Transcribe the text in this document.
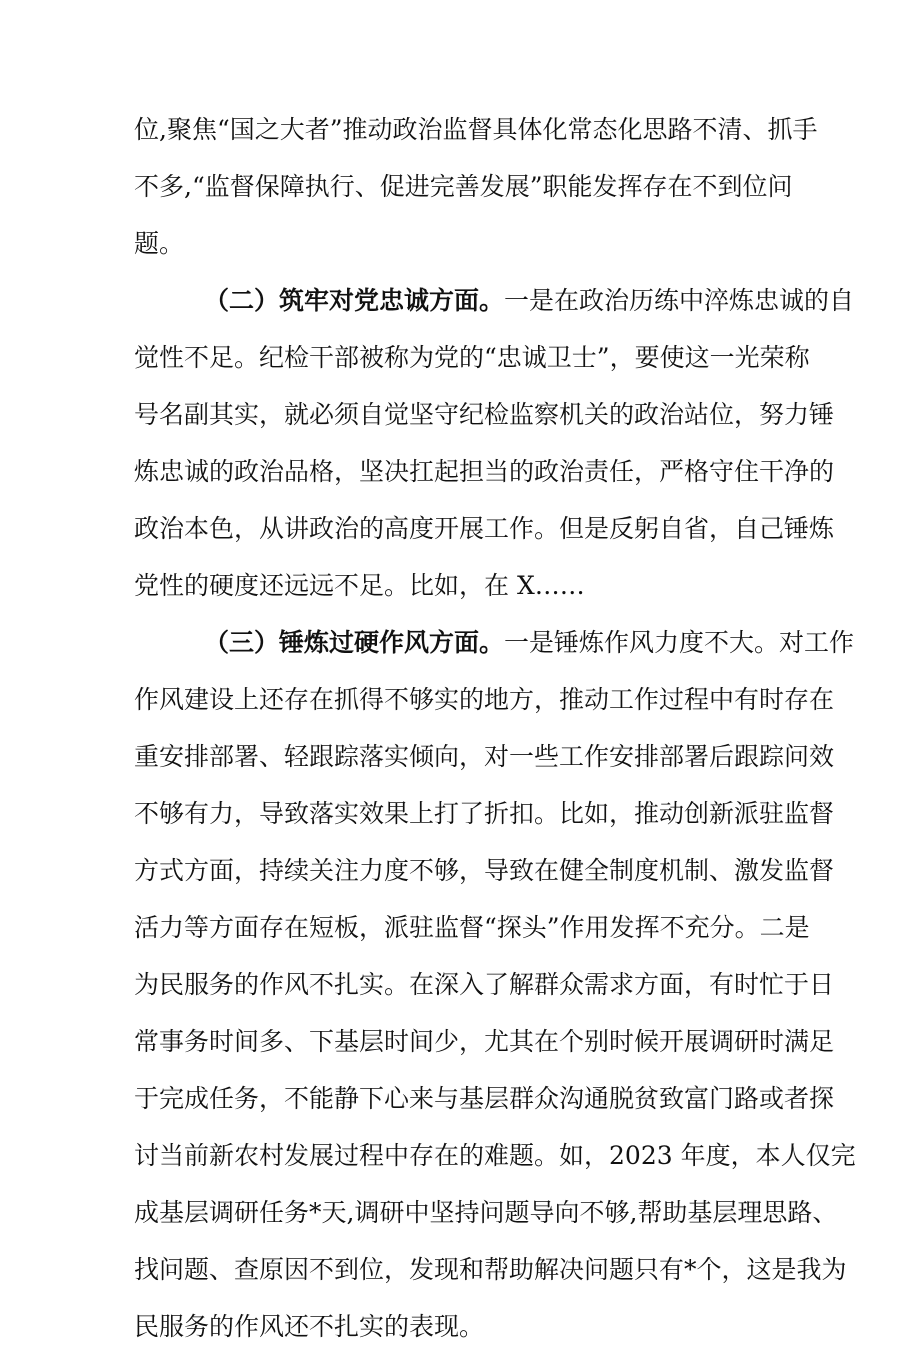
位,聚焦“国之大者”推动政治监督具体化常态化思路不清、抓手
不多,“监督保障执行、促进完善发展”职能发挥存在不到位问
题。
（二）筑牢对党忠诚方面。一是在政治历练中淬炼忠诚的自
觉性不足。纪检干部被称为党的“忠诚卫士”，要使这一光荣称
号名副其实，就必须自觉坚守纪检监察机关的政治站位，努力锤
炼忠诚的政治品格，坚决扛起担当的政治责任，严格守住干净的
政治本色，从讲政治的高度开展工作。但是反躬自省，自己锤炼
党性的硬度还远远不足。比如，在 X……
（三）锤炼过硬作风方面。一是锤炼作风力度不大。对工作
作风建设上还存在抓得不够实的地方，推动工作过程中有时存在
重安排部署、轻跟踪落实倾向，对一些工作安排部署后跟踪问效
不够有力，导致落实效果上打了折扣。比如，推动创新派驻监督
方式方面，持续关注力度不够，导致在健全制度机制、激发监督
活力等方面存在短板，派驻监督“探头”作用发挥不充分。二是
为民服务的作风不扎实。在深入了解群众需求方面，有时忙于日
常事务时间多、下基层时间少，尤其在个别时候开展调研时满足
于完成任务，不能静下心来与基层群众沟通脱贫致富门路或者探
讨当前新农村发展过程中存在的难题。如，2023 年度，本人仅完
成基层调研任务*天,调研中坚持问题导向不够,帮助基层理思路、
找问题、查原因不到位，发现和帮助解决问题只有*个，这是我为
民服务的作风还不扎实的表现。
